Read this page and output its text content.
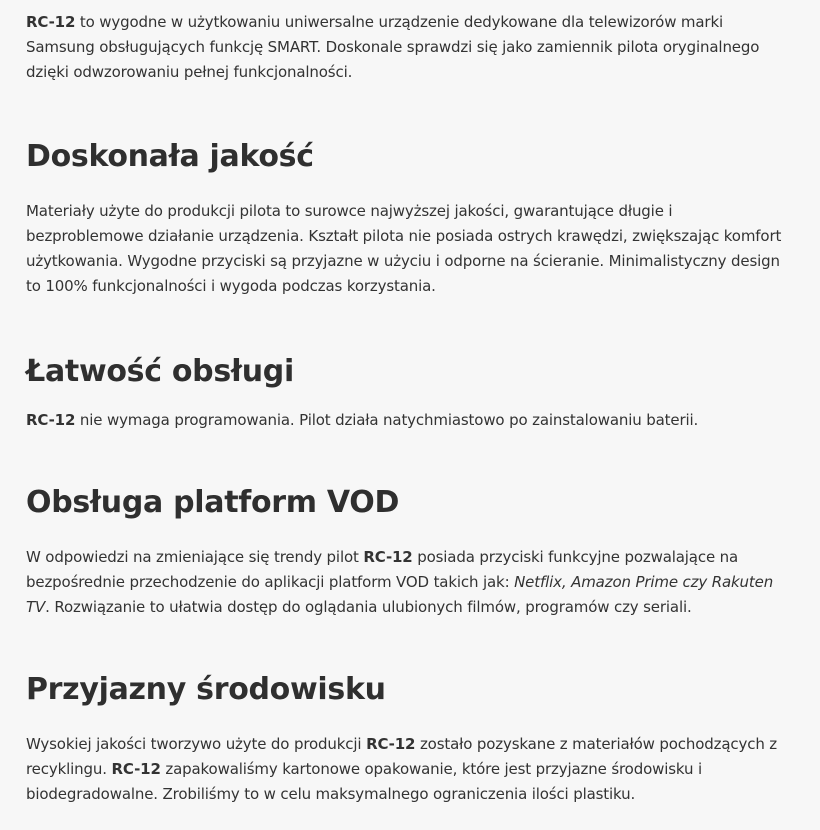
RC-12 to wygodne w użytkowaniu uniwersalne urządzenie dedykowane dla telewizorów marki Samsung obsługujących funkcję SMART. Doskonale sprawdzi się jako zamiennik pilota oryginalnego dzięki odwzorowaniu pełnej funkcjonalności.

Doskonała jakość

Materiały użyte do produkcji pilota to surowce najwyższej jakości, gwarantujące długie i bezproblemowe działanie urządzenia. Kształt pilota nie posiada ostrych krawędzi, zwiększając komfort użytkowania. Wygodne przyciski są przyjazne w użyciu i odporne na ścieranie. Minimalistyczny design to 100% funkcjonalności i wygoda podczas korzystania.

Łatwość obsługi

RC-12 nie wymaga programowania. Pilot działa natychmiastowo po zainstalowaniu baterii.

Obsługa platform VOD

W odpowiedzi na zmieniające się trendy pilot RC-12 posiada przyciski funkcyjne pozwalające na bezpośrednie przechodzenie do aplikacji platform VOD takich jak: Netflix, Amazon Prime czy Rakuten TV. Rozwiązanie to ułatwia dostęp do oglądania ulubionych filmów, programów czy seriali.

Przyjazny środowisku

Wysokiej jakości tworzywo użyte do produkcji RC-12 zostało pozyskane z materiałów pochodzących z recyklingu. RC-12 zapakowaliśmy kartonowe opakowanie, które jest przyjazne środowisku i biodegradowalne. Zrobiliśmy to w celu maksymalnego ograniczenia ilości plastiku.
